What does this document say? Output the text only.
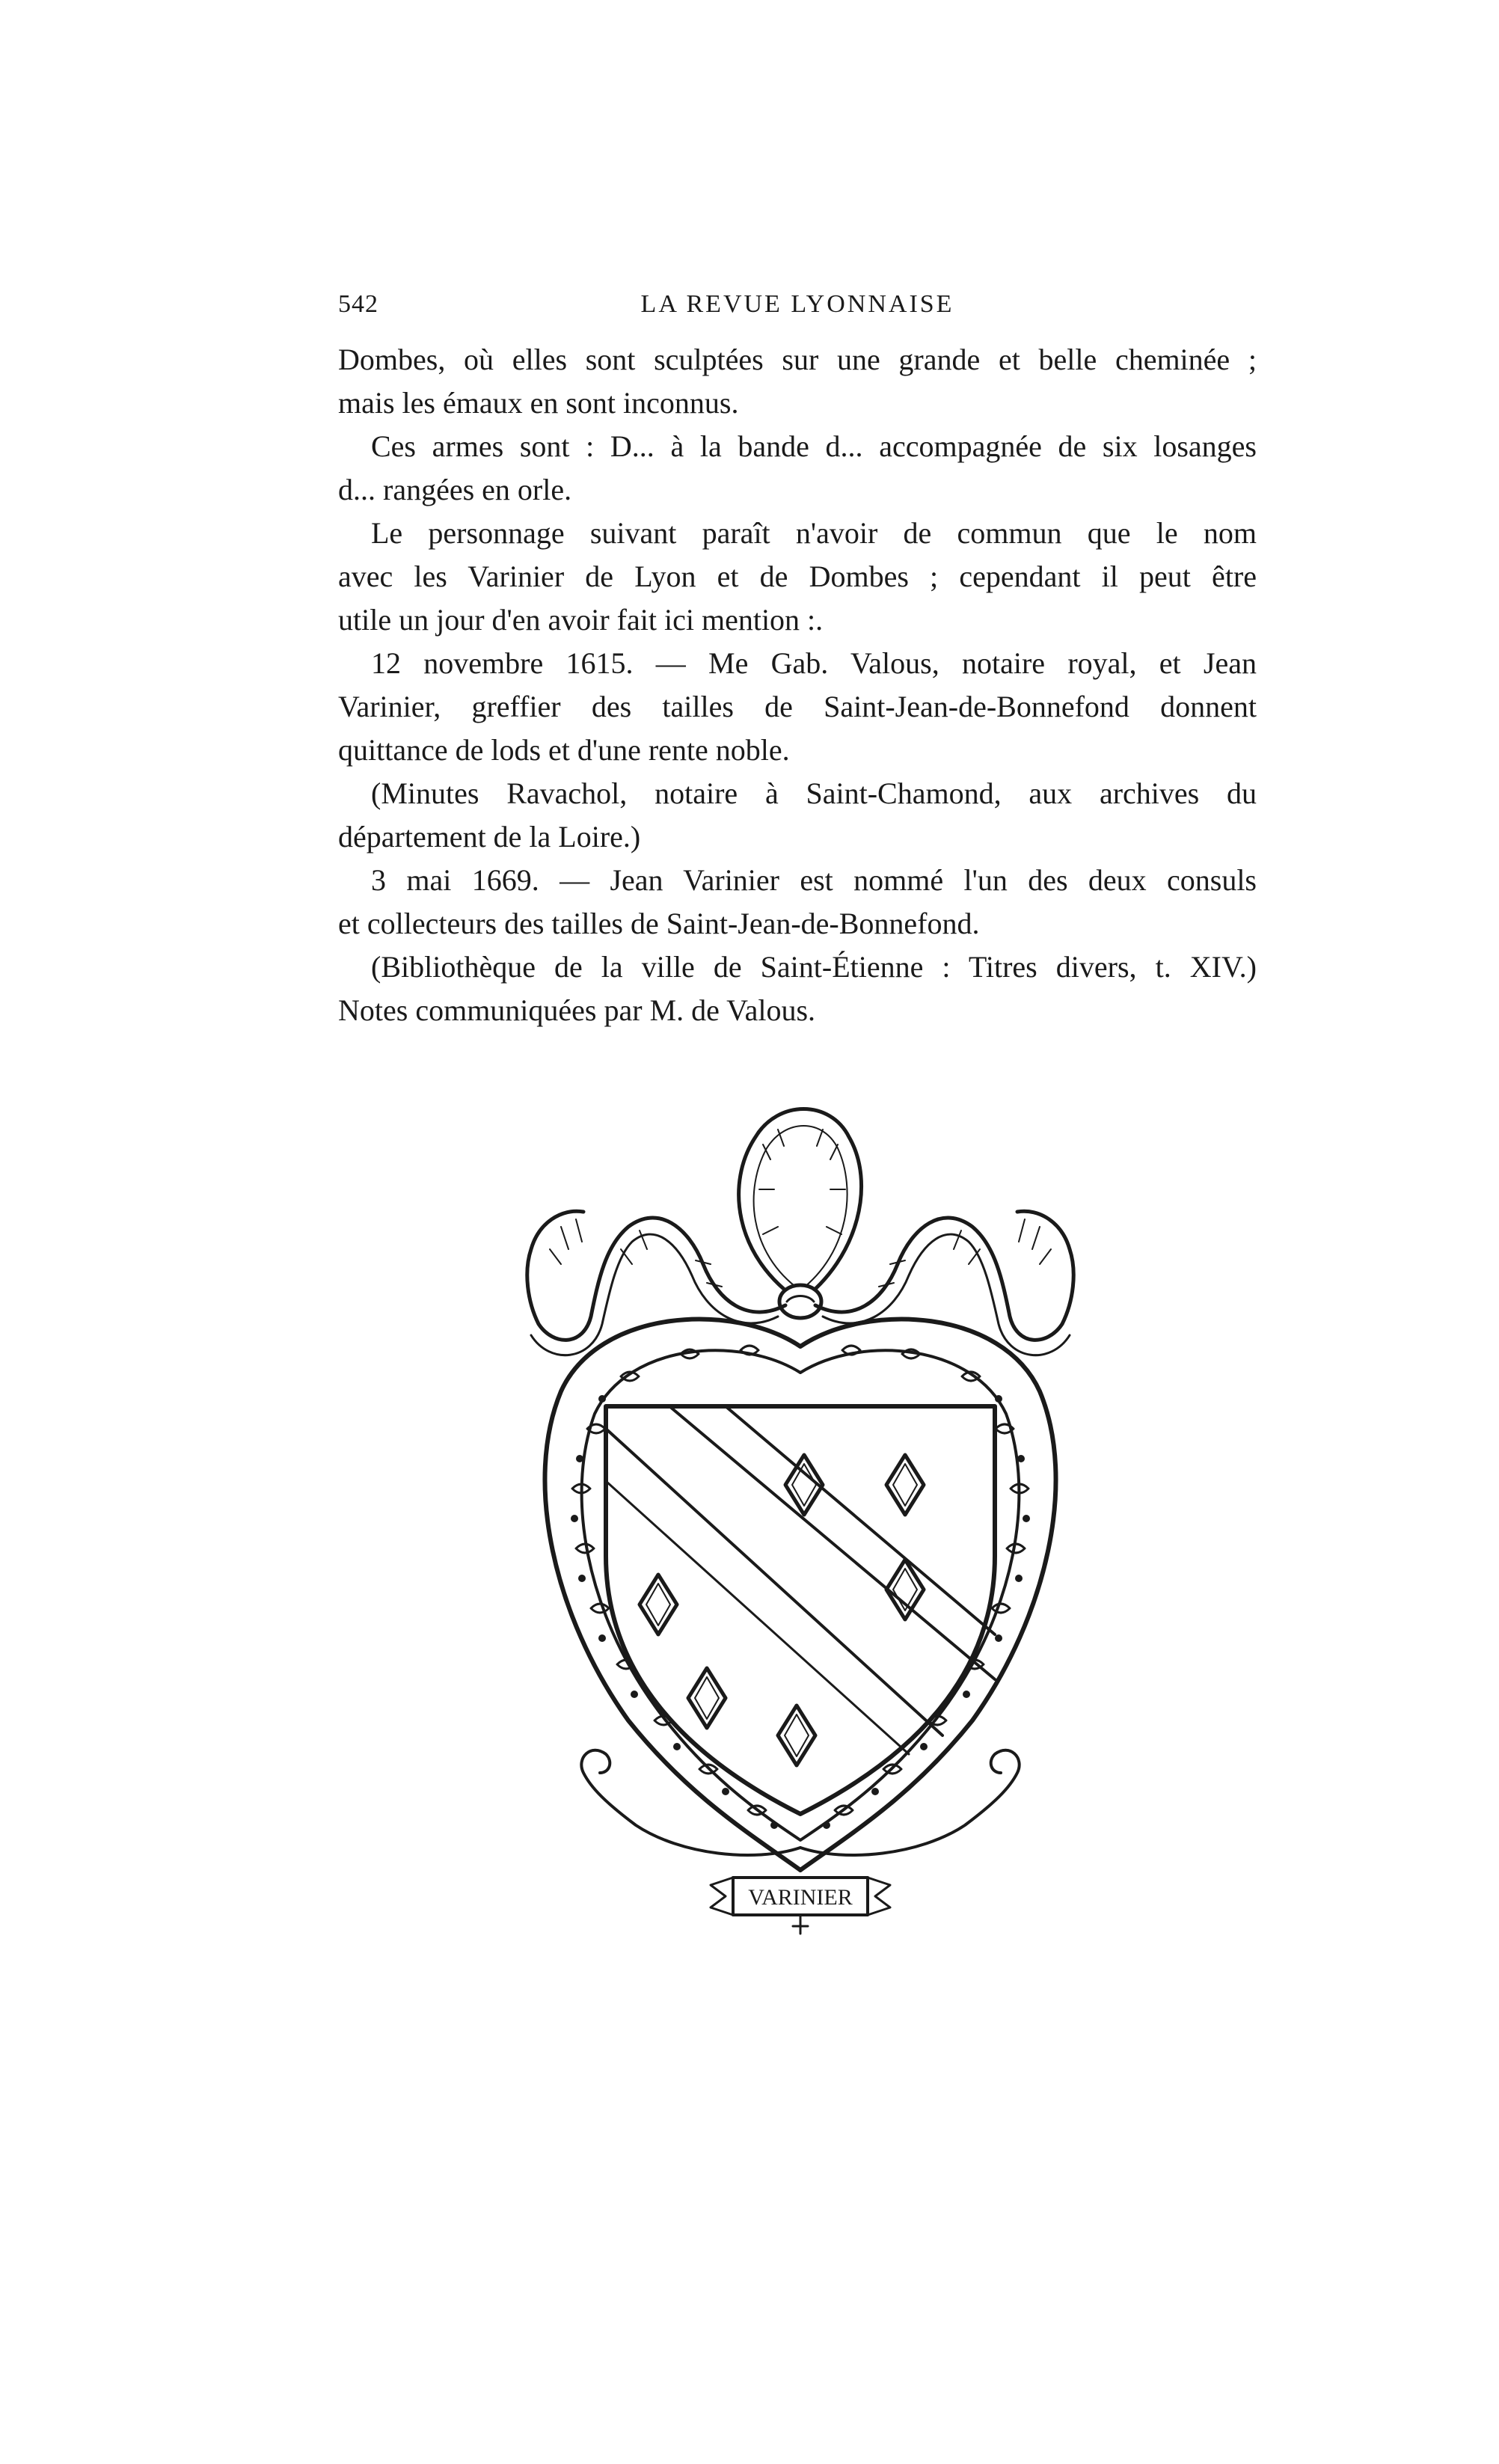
542	LA REVUE LYONNAISE

Dombes, où elles sont sculptées sur une grande et belle cheminée ;
mais les émaux en sont inconnus.

Ces armes sont : D... à la bande d... accompagnée de six losanges

d... rangées en orle.

Le personnage suivant paraît n'avoir de commun que le nom

avec les Varinier de Lyon et de Dombes ; cependant il peut être
utile un jour d'en avoir fait ici mention :.

12 novembre 1615. — Me Gab. Valous, notaire royal, et Jean

Varinier, greffier des tailles de Saint-Jean-de-Bonnefond donnent
quittance de lods et d'une rente noble.

(Minutes Ravachol, notaire à Saint-Chamond, aux archives du

département de la Loire.)

3 mai 1669. — Jean Varinier est nommé l'un des deux consuls

et collecteurs des tailles de Saint-Jean-de-Bonnefond.

(Bibliothèque de la ville de Saint-Étienne : Titres divers, t. XIV.)

Notes communiquées par M. de Valous.

VARINIER
